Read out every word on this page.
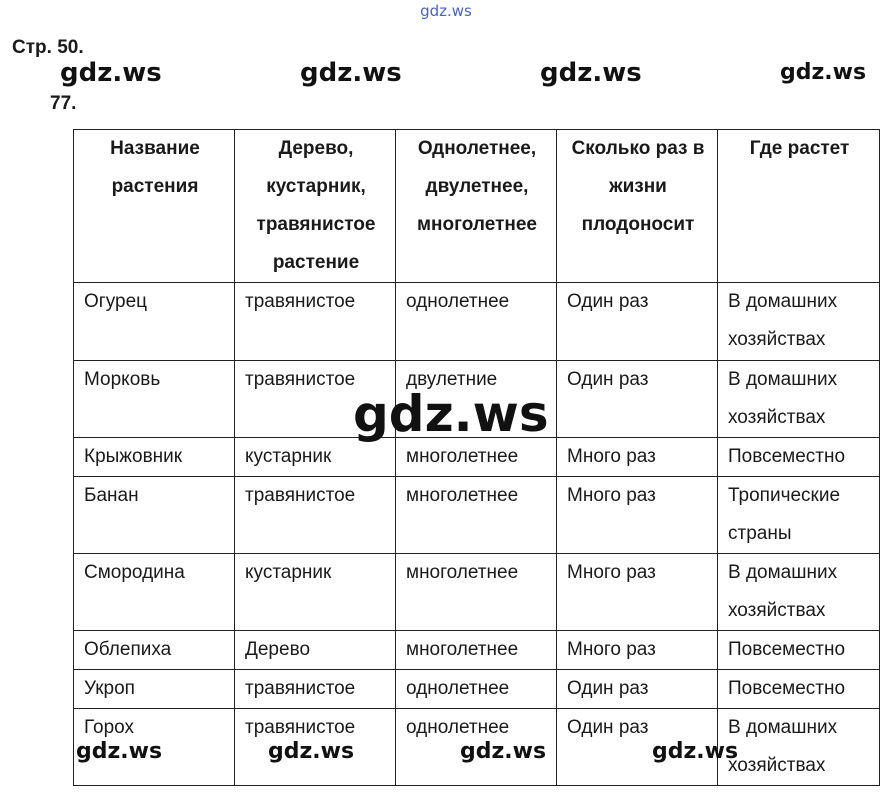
gdz.ws
Стр. 50.
77.
Название растения	Дерево, кустарник, травянистое растение	Однолетнее, двулетнее, многолетнее	Сколько раз в жизни плодоносит	Где растет
Огурец	травянистое	однолетнее	Один раз	В домашних хозяйствах
Морковь	травянистое	двулетние	Один раз	В домашних хозяйствах
Крыжовник	кустарник	многолетнее	Много раз	Повсеместно
Банан	травянистое	многолетнее	Много раз	Тропические страны
Смородина	кустарник	многолетнее	Много раз	В домашних хозяйствах
Облепиха	Дерево	многолетнее	Много раз	Повсеместно
Укроп	травянистое	однолетнее	Один раз	Повсеместно
Горох	травянистое	однолетнее	Один раз	В домашних хозяйствах
gdz.ws	gdz.ws	gdz.ws	gdz.ws
gdz.ws
gdz.ws	gdz.ws	gdz.ws	gdz.ws
